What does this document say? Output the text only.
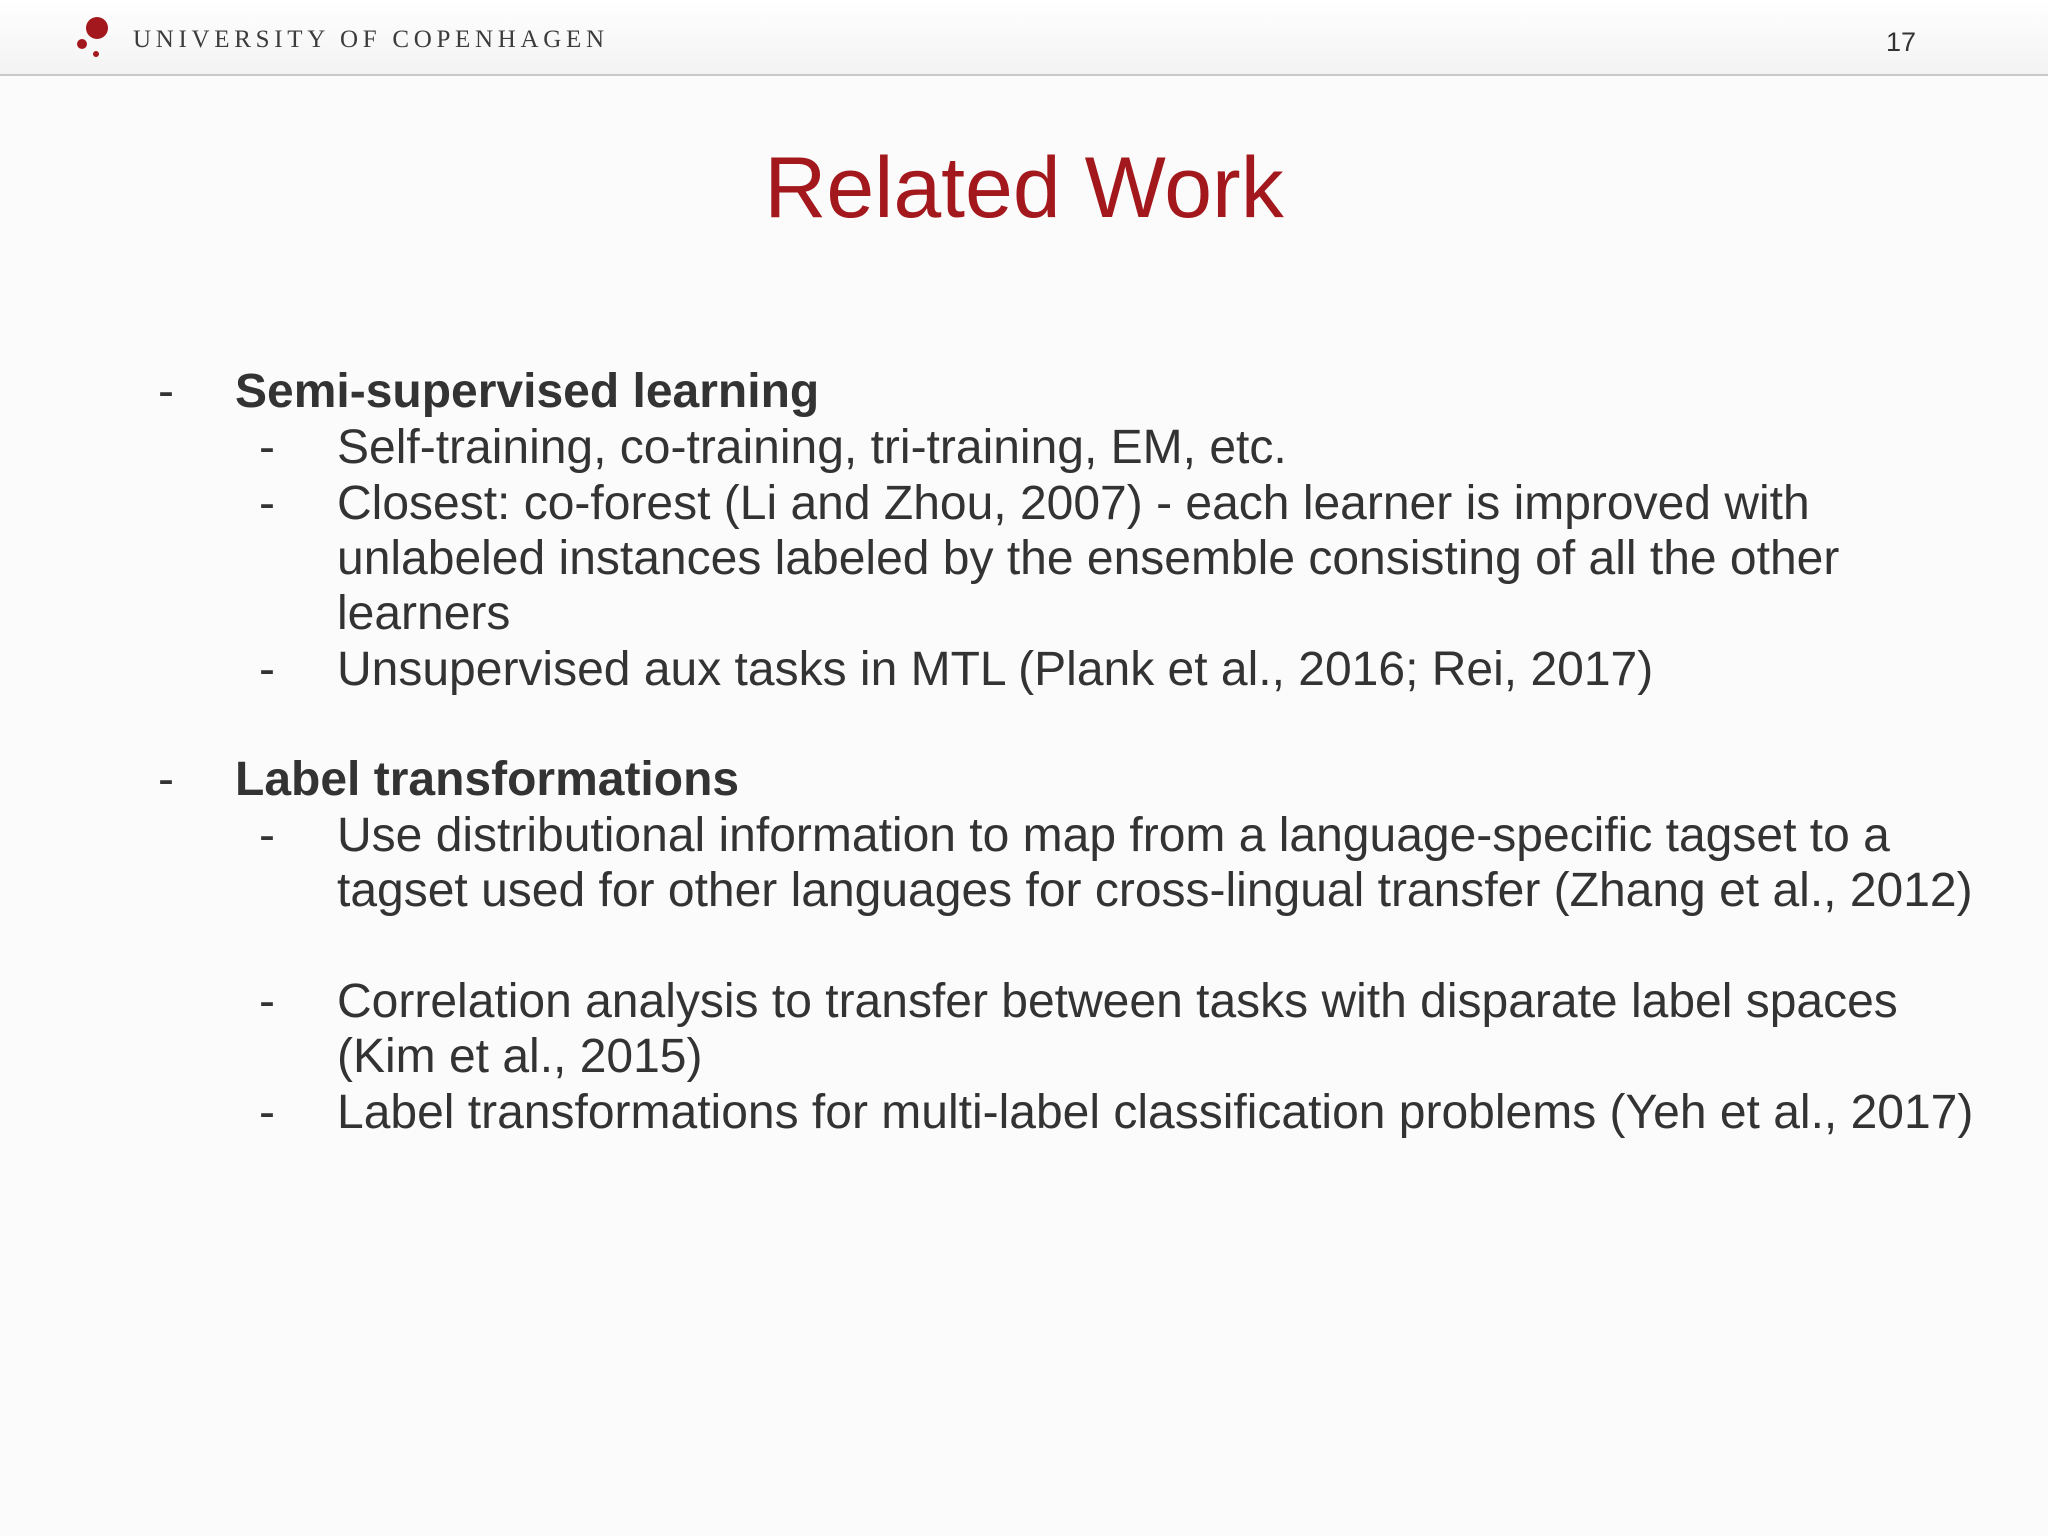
UNIVERSITY OF COPENHAGEN	17
Related Work
- Semi-supervised learning
- Self-training, co-training, tri-training, EM, etc.
- Closest: co-forest (Li and Zhou, 2007) - each learner is improved with unlabeled instances labeled by the ensemble consisting of all the other learners
- Unsupervised aux tasks in MTL (Plank et al., 2016; Rei, 2017)
- Label transformations
- Use distributional information to map from a language-specific tagset to a tagset used for other languages for cross-lingual transfer (Zhang et al., 2012)
- Correlation analysis to transfer between tasks with disparate label spaces (Kim et al., 2015)
- Label transformations for multi-label classification problems (Yeh et al., 2017)
